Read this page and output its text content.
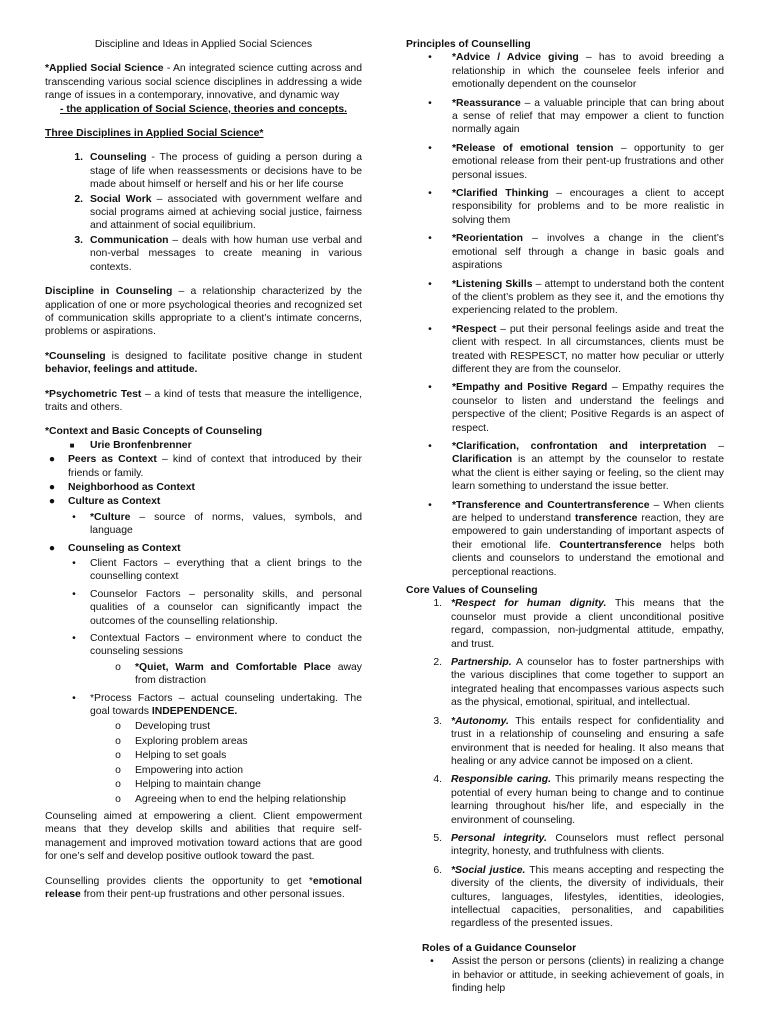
Discipline and Ideas in Applied Social Sciences

*Applied Social Science - An integrated science cutting across and transcending various social science disciplines in addressing a wide range of issues in a contemporary, innovative, and dynamic way

- the application of Social Science, theories and concepts.

Three Disciplines in Applied Social Science*

1. Counseling - The process of guiding a person during a stage of life when reassessments or decisions have to be made about himself or herself and his or her life course
2. Social Work – associated with government welfare and social programs aimed at achieving social justice, fairness and attainment of social equilibrium.
3. Communication – deals with how human use verbal and non-verbal messages to create meaning in various contexts.

Discipline in Counseling – a relationship characterized by the application of one or more psychological theories and recognized set of communication skills appropriate to a client’s intimate concerns, problems or aspirations.

*Counseling is designed to facilitate positive change in student behavior, feelings and attitude.

*Psychometric Test – a kind of tests that measure the intelligence, traits and others.

*Context and Basic Concepts of Counseling

■	Urie Bronfenbrenner
●	Peers as Context – kind of context that introduced by their friends or family.
●	Neighborhood as Context
●	Culture as Context
•	*Culture – source of norms, values, symbols, and language
●	Counseling as Context
•	Client Factors – everything that a client brings to the counselling context
•	Counselor Factors – personality skills, and personal qualities of a counselor can significantly impact the outcomes of the counselling relationship.
•	Contextual Factors – environment where to conduct the counseling sessions
o	*Quiet, Warm and Comfortable Place away from distraction
•	*Process Factors – actual counseling undertaking. The goal towards INDEPENDENCE.
o	Developing trust
o	Exploring problem areas
o	Helping to set goals
o	Empowering into action
o	Helping to maintain change
o	Agreeing when to end the helping relationship

Counseling aimed at empowering a client. Client empowerment means that they develop skills and abilities that require self-management and improved motivation toward actions that are good for one’s self and develop positive outlook toward the past.

Counselling provides clients the opportunity to get *emotional release from their pent-up frustrations and other personal issues.

Principles of Counselling

•	*Advice / Advice giving – has to avoid breeding a relationship in which the counselee feels inferior and emotionally dependent on the counselor
•	*Reassurance – a valuable principle that can bring about a sense of relief that may empower a client to function normally again
•	*Release of emotional tension – opportunity to ger emotional release from their pent-up frustrations and other personal issues.
•	*Clarified Thinking – encourages a client to accept responsibility for problems and to be more realistic in solving them
•	*Reorientation – involves a change in the client’s emotional self through a change in basic goals and aspirations
•	*Listening Skills – attempt to understand both the content of the client’s problem as they see it, and the emotions thy experiencing related to the problem.
•	*Respect – put their personal feelings aside and treat the client with respect. In all circumstances, clients must be treated with RESPESCT, no matter how peculiar or utterly different they are from the counselor.
•	*Empathy and Positive Regard – Empathy requires the counselor to listen and understand the feelings and perspective of the client; Positive Regards is an aspect of respect.
•	*Clarification, confrontation and interpretation – Clarification is an attempt by the counselor to restate what the client is either saying or feeling, so the client may learn something to understand the issue better.
•	*Transference and Countertransference – When clients are helped to understand transference reaction, they are empowered to gain understanding of important aspects of their emotional life. Countertransference helps both clients and counselors to understand the emotional and perceptional reactions.

Core Values of Counseling

1. *Respect for human dignity. This means that the counselor must provide a client unconditional positive regard, compassion, non-judgmental attitude, empathy, and trust.
2. Partnership. A counselor has to foster partnerships with the various disciplines that come together to support an integrated healing that encompasses various aspects such as the physical, emotional, spiritual, and intellectual.
3. *Autonomy. This entails respect for confidentiality and trust in a relationship of counseling and ensuring a safe environment that is needed for healing. It also means that healing or any advice cannot be imposed on a client.
4. Responsible caring. This primarily means respecting the potential of every human being to change and to continue learning throughout his/her life, and especially in the environment of counseling.
5. Personal integrity. Counselors must reflect personal integrity, honesty, and truthfulness with clients.
6. *Social justice. This means accepting and respecting the diversity of the clients, the diversity of individuals, their cultures, languages, lifestyles, identities, ideologies, intellectual capacities, personalities, and capabilities regardless of the presented issues.

Roles of a Guidance Counselor

•	Assist the person or persons (clients) in realizing a change in behavior or attitude, in seeking achievement of goals, in finding help
